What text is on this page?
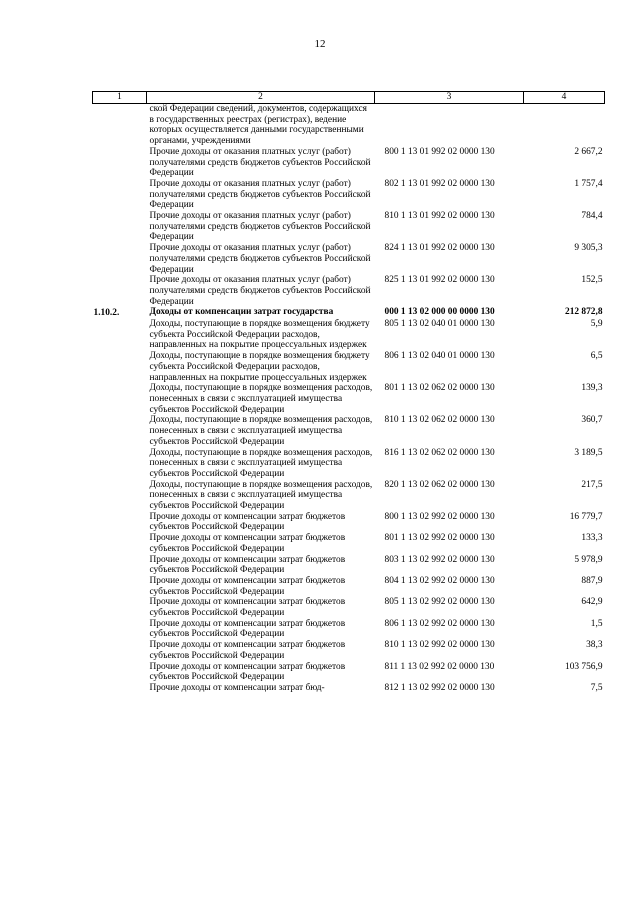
12
1	2	3	4
	ской Федерации сведений, документов, содержащихся в государственных реестрах (регистрах), ведение которых осуществляется данными государственными органами, учреждениями		
	Прочие доходы от оказания платных услуг (работ) получателями средств бюджетов субъектов Российской Федерации	800 1 13 01 992 02 0000 130	2 667,2
	Прочие доходы от оказания платных услуг (работ) получателями средств бюджетов субъектов Российской Федерации	802 1 13 01 992 02 0000 130	1 757,4
	Прочие доходы от оказания платных услуг (работ) получателями средств бюджетов субъектов Российской Федерации	810 1 13 01 992 02 0000 130	784,4
	Прочие доходы от оказания платных услуг (работ) получателями средств бюджетов субъектов Российской Федерации	824 1 13 01 992 02 0000 130	9 305,3
	Прочие доходы от оказания платных услуг (работ) получателями средств бюджетов субъектов Российской Федерации	825 1 13 01 992 02 0000 130	152,5
1.10.2.	Доходы от компенсации затрат государства	000 1 13 02 000 00 0000 130	212 872,8
	Доходы, поступающие в порядке возмещения бюджету субъекта Российской Федерации расходов, направленных на покрытие процессуальных издержек	805 1 13 02 040 01 0000 130	5,9
	Доходы, поступающие в порядке возмещения бюджету субъекта Российской Федерации расходов, направленных на покрытие процессуальных издержек	806 1 13 02 040 01 0000 130	6,5
	Доходы, поступающие в порядке возмещения расходов, понесенных в связи с эксплуатацией имущества субъектов Российской Федерации	801 1 13 02 062 02 0000 130	139,3
	Доходы, поступающие в порядке возмещения расходов, понесенных в связи с эксплуатацией имущества субъектов Российской Федерации	810 1 13 02 062 02 0000 130	360,7
	Доходы, поступающие в порядке возмещения расходов, понесенных в связи с эксплуатацией имущества субъектов Российской Федерации	816 1 13 02 062 02 0000 130	3 189,5
	Доходы, поступающие в порядке возмещения расходов, понесенных в связи с эксплуатацией имущества субъектов Российской Федерации	820 1 13 02 062 02 0000 130	217,5
	Прочие доходы от компенсации затрат бюджетов субъектов Российской Федерации	800 1 13 02 992 02 0000 130	16 779,7
	Прочие доходы от компенсации затрат бюджетов субъектов Российской Федерации	801 1 13 02 992 02 0000 130	133,3
	Прочие доходы от компенсации затрат бюджетов субъектов Российской Федерации	803 1 13 02 992 02 0000 130	5 978,9
	Прочие доходы от компенсации затрат бюджетов субъектов Российской Федерации	804 1 13 02 992 02 0000 130	887,9
	Прочие доходы от компенсации затрат бюджетов субъектов Российской Федерации	805 1 13 02 992 02 0000 130	642,9
	Прочие доходы от компенсации затрат бюджетов субъектов Российской Федерации	806 1 13 02 992 02 0000 130	1,5
	Прочие доходы от компенсации затрат бюджетов субъектов Российской Федерации	810 1 13 02 992 02 0000 130	38,3
	Прочие доходы от компенсации затрат бюджетов субъектов Российской Федерации	811 1 13 02 992 02 0000 130	103 756,9
	Прочие доходы от компенсации затрат бюд-	812 1 13 02 992 02 0000 130	7,5
